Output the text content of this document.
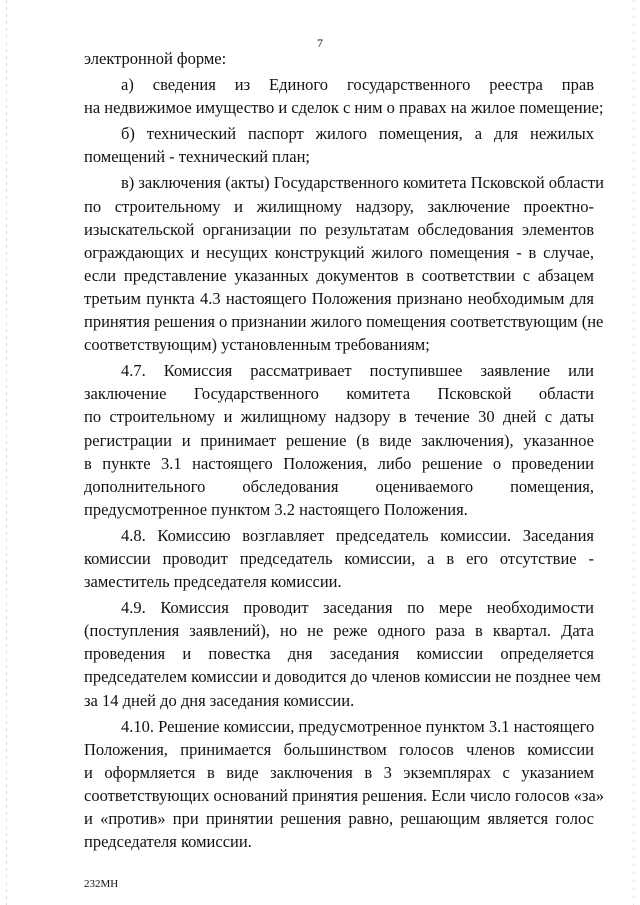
7
электронной форме:
а) сведения из Единого государственного реестра прав
на недвижимое имущество и сделок с ним о правах на жилое помещение;
б) технический паспорт жилого помещения, а для нежилых
помещений - технический план;
в) заключения (акты) Государственного комитета Псковской области
по строительному и жилищному надзору, заключение проектно-
изыскательской организации по результатам обследования элементов
ограждающих и несущих конструкций жилого помещения - в случае,
если представление указанных документов в соответствии с абзацем
третьим пункта 4.3 настоящего Положения признано необходимым для
принятия решения о признании жилого помещения соответствующим (не
соответствующим) установленным требованиям;
4.7. Комиссия рассматривает поступившее заявление или
заключение Государственного комитета Псковской области
по строительному и жилищному надзору в течение 30 дней с даты
регистрации и принимает решение (в виде заключения), указанное
в пункте 3.1 настоящего Положения, либо решение о проведении
дополнительного обследования оцениваемого помещения,
предусмотренное пунктом 3.2 настоящего Положения.
4.8. Комиссию возглавляет председатель комиссии. Заседания
комиссии проводит председатель комиссии, а в его отсутствие -
заместитель председателя комиссии.
4.9. Комиссия проводит заседания по мере необходимости
(поступления заявлений), но не реже одного раза в квартал. Дата
проведения и повестка дня заседания комиссии определяется
председателем комиссии и доводится до членов комиссии не позднее чем
за 14 дней до дня заседания комиссии.
4.10. Решение комиссии, предусмотренное пунктом 3.1 настоящего
Положения, принимается большинством голосов членов комиссии
и оформляется в виде заключения в 3 экземплярах с указанием
соответствующих оснований принятия решения. Если число голосов «за»
и «против» при принятии решения равно, решающим является голос
председателя комиссии.
232МН
